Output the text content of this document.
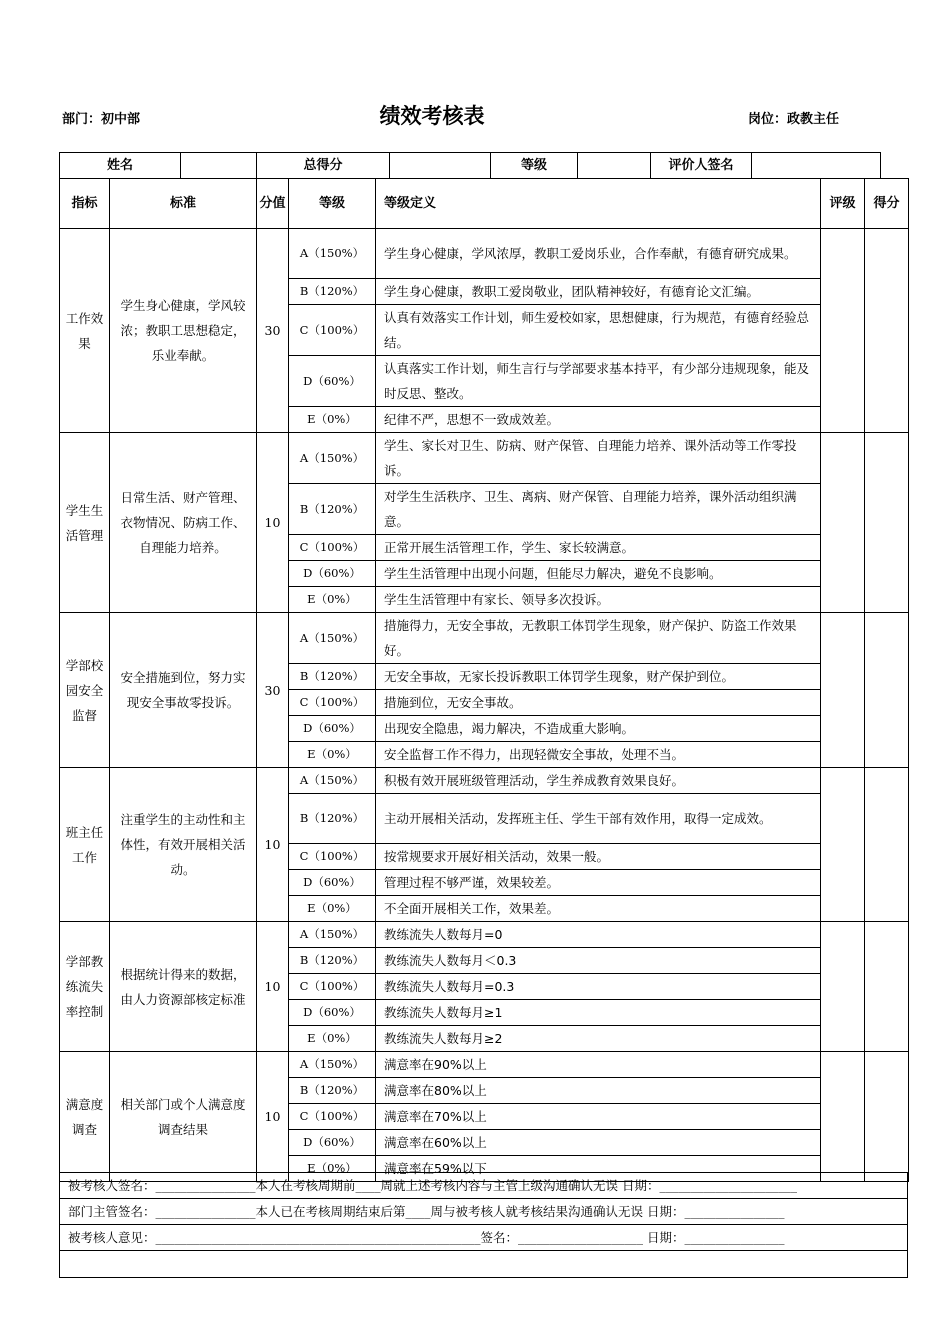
部门：初中部	绩效考核表	岗位：政教主任
姓名		总得分		等级		评价人签名	
指标	标准	分值	等级	等级定义	评级	得分
工作效果	学生身心健康，学风较浓；教职工思想稳定，乐业奉献。	30	A（150%）	学生身心健康，学风浓厚，教职工爱岗乐业，合作奉献，有德育研究成果。		
			B（120%）	学生身心健康，教职工爱岗敬业，团队精神较好，有德育论文汇编。		
			C（100%）	认真有效落实工作计划，师生爱校如家，思想健康，行为规范，有德育经验总结。		
			D（60%）	认真落实工作计划，师生言行与学部要求基本持平，有少部分违规现象，能及时反思、整改。		
			E（0%）	纪律不严，思想不一致成效差。		
学生生活管理	日常生活、财产管理、衣物情况、防病工作、自理能力培养。	10	A（150%）	学生、家长对卫生、防病、财产保管、自理能力培养、课外活动等工作零投诉。		
			B（120%）	对学生生活秩序、卫生、离病、财产保管、自理能力培养，课外活动组织满意。		
			C（100%）	正常开展生活管理工作，学生、家长较满意。		
			D（60%）	学生生活管理中出现小问题，但能尽力解决，避免不良影响。		
			E（0%）	学生生活管理中有家长、领导多次投诉。		
学部校园安全监督	安全措施到位，努力实现安全事故零投诉。	30	A（150%）	措施得力，无安全事故，无教职工体罚学生现象，财产保护、防盗工作效果好。		
			B（120%）	无安全事故，无家长投诉教职工体罚学生现象，财产保护到位。		
			C（100%）	措施到位，无安全事故。		
			D（60%）	出现安全隐患，竭力解决，不造成重大影响。		
			E（0%）	安全监督工作不得力，出现轻微安全事故，处理不当。		
班主任工作	注重学生的主动性和主体性，有效开展相关活动。	10	A（150%）	积极有效开展班级管理活动，学生养成教育效果良好。		
			B（120%）	主动开展相关活动，发挥班主任、学生干部有效作用，取得一定成效。		
			C（100%）	按常规要求开展好相关活动，效果一般。		
			D（60%）	管理过程不够严谨，效果较差。		
			E（0%）	不全面开展相关工作，效果差。		
学部教练流失率控制	根据统计得来的数据，由人力资源部核定标准	10	A（150%）	教练流失人数每月=0		
			B（120%）	教练流失人数每月＜0.3		
			C（100%）	教练流失人数每月=0.3		
			D（60%）	教练流失人数每月≥1		
			E（0%）	教练流失人数每月≥2		
满意度调查	相关部门或个人满意度调查结果	10	A（150%）	满意率在90%以上		
			B（120%）	满意率在80%以上		
			C（100%）	满意率在70%以上		
			D（60%）	满意率在60%以上		
			E（0%）	满意率在59%以下		
被考核人签名：________________本人在考核周期前____周就上述考核内容与主管上级沟通确认无误 日期：______________________
部门主管签名：________________本人已在考核周期结束后第____周与被考核人就考核结果沟通确认无误 日期：________________
被考核人意见：____________________________________________________签名：____________________ 日期：________________
